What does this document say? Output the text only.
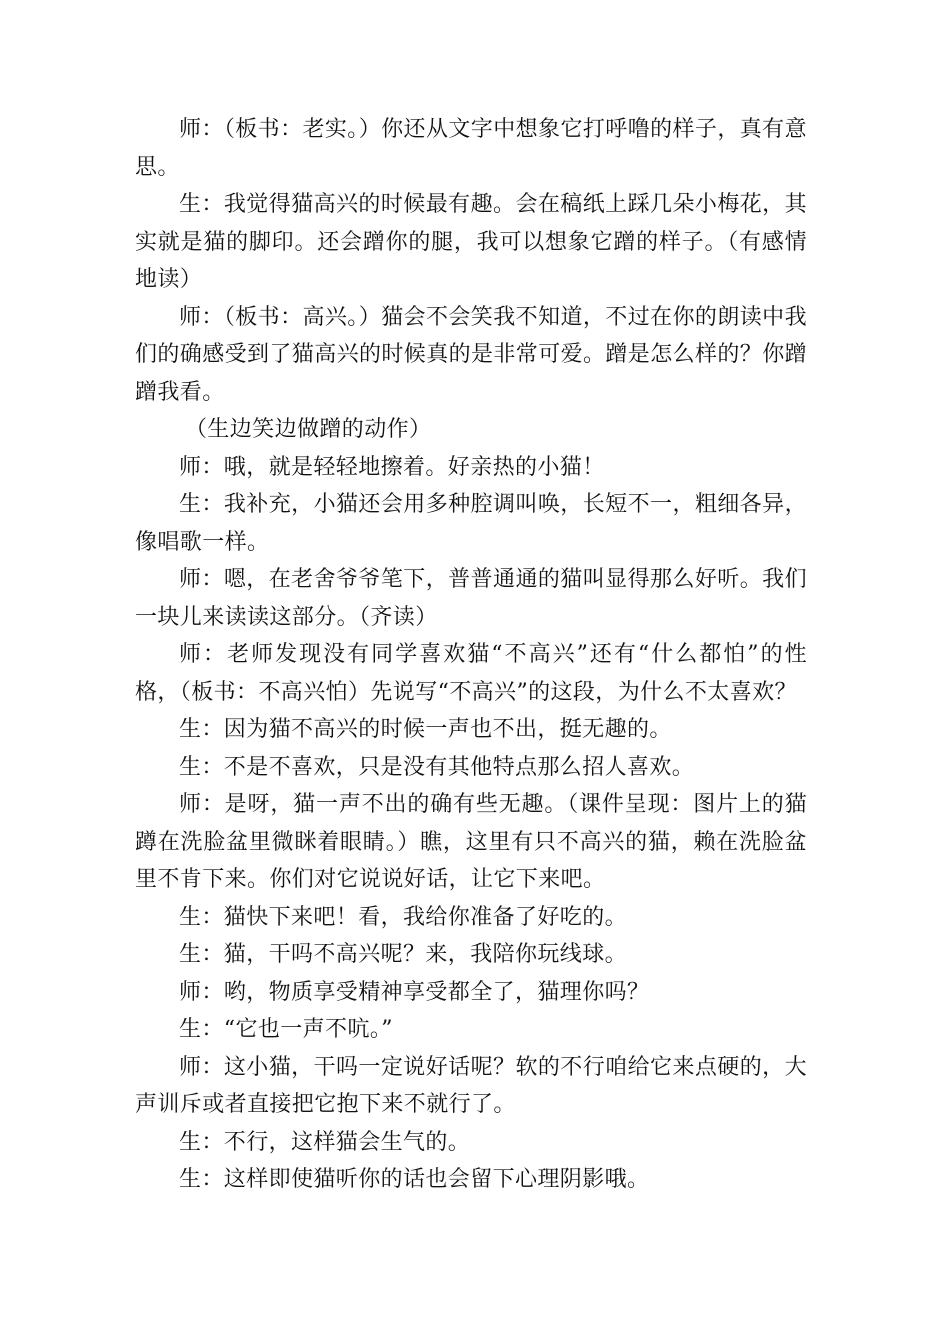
师：（板书：老实。）你还从文字中想象它打呼噜的样子，真有意思。

生：我觉得猫高兴的时候最有趣。会在稿纸上踩几朵小梅花，其实就是猫的脚印。还会蹭你的腿，我可以想象它蹭的样子。（有感情地读）

师：（板书：高兴。）猫会不会笑我不知道，不过在你的朗读中我们的确感受到了猫高兴的时候真的是非常可爱。蹭是怎么样的？你蹭蹭我看。

（生边笑边做蹭的动作）

师：哦，就是轻轻地擦着。好亲热的小猫！

生：我补充，小猫还会用多种腔调叫唤，长短不一，粗细各异，像唱歌一样。

师：嗯，在老舍爷爷笔下，普普通通的猫叫显得那么好听。我们一块儿来读读这部分。（齐读）

师：老师发现没有同学喜欢猫“不高兴”还有“什么都怕”的性格，（板书：不高兴怕）先说写“不高兴”的这段，为什么不太喜欢？

生：因为猫不高兴的时候一声也不出，挺无趣的。

生：不是不喜欢，只是没有其他特点那么招人喜欢。

师：是呀，猫一声不出的确有些无趣。（课件呈现：图片上的猫蹲在洗脸盆里微眯着眼睛。）瞧，这里有只不高兴的猫，赖在洗脸盆里不肯下来。你们对它说说好话，让它下来吧。

生：猫快下来吧！看，我给你准备了好吃的。

生：猫，干吗不高兴呢？来，我陪你玩线球。

师：哟，物质享受精神享受都全了，猫理你吗？

生：“它也一声不吭。”

师：这小猫，干吗一定说好话呢？软的不行咱给它来点硬的，大声训斥或者直接把它抱下来不就行了。

生：不行，这样猫会生气的。

生：这样即使猫听你的话也会留下心理阴影哦。
